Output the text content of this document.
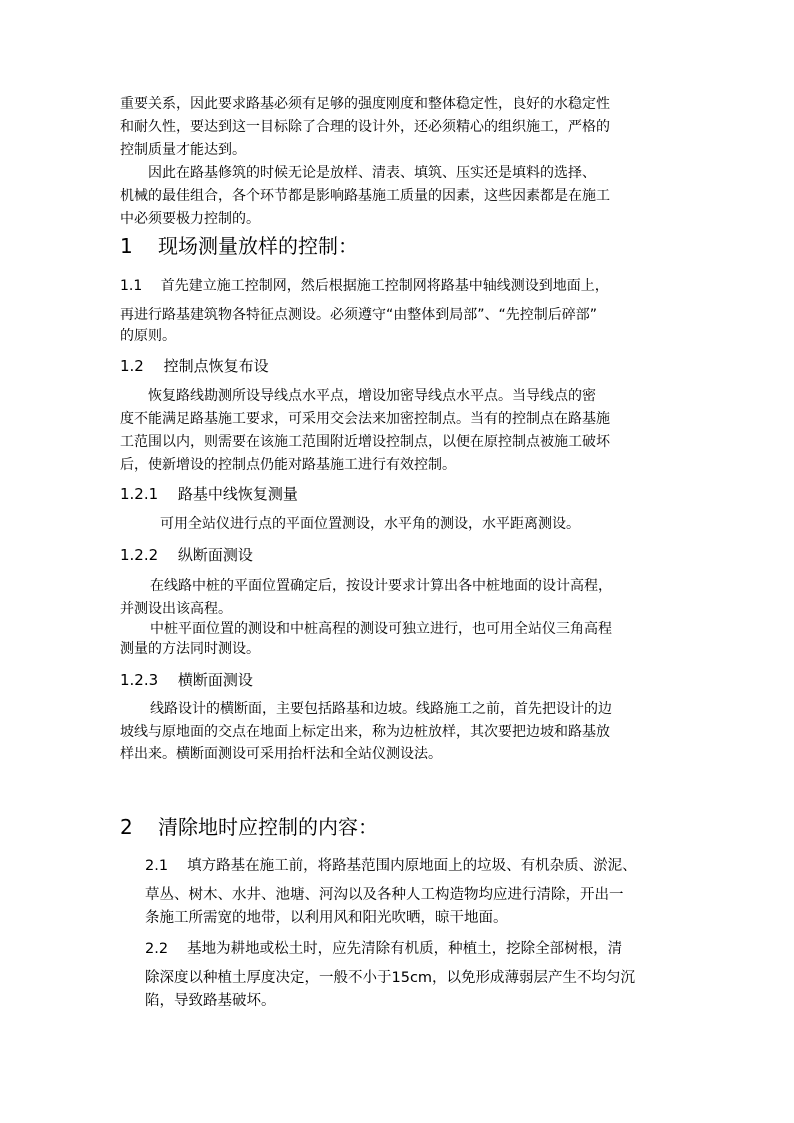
重要关系，因此要求路基必须有足够的强度刚度和整体稳定性，良好的水稳定性
和耐久性，要达到这一目标除了合理的设计外，还必须精心的组织施工，严格的
控制质量才能达到。
因此在路基修筑的时候无论是放样、清表、填筑、压实还是填料的选择、
机械的最佳组合，各个环节都是影响路基施工质量的因素，这些因素都是在施工
中必须要极力控制的。
1 现场测量放样的控制：
1.1　 首先建立施工控制网，然后根据施工控制网将路基中轴线测设到地面上，
再进行路基建筑物各特征点测设。必须遵守“由整体到局部”、“先控制后碎部”
的原则。
1.2　 控制点恢复布设
恢复路线勘测所设导线点水平点，增设加密导线点水平点。当导线点的密
度不能满足路基施工要求，可采用交会法来加密控制点。当有的控制点在路基施
工范围以内，则需要在该施工范围附近增设控制点，以便在原控制点被施工破坏
后，使新增设的控制点仍能对路基施工进行有效控制。
1.2.1　 路基中线恢复测量
可用全站仪进行点的平面位置测设，水平角的测设，水平距离测设。
1.2.2　 纵断面测设
在线路中桩的平面位置确定后，按设计要求计算出各中桩地面的设计高程，
并测设出该高程。
中桩平面位置的测设和中桩高程的测设可独立进行，也可用全站仪三角高程
测量的方法同时测设。
1.2.3　 横断面测设
线路设计的横断面，主要包括路基和边坡。线路施工之前，首先把设计的边
坡线与原地面的交点在地面上标定出来，称为边桩放样，其次要把边坡和路基放
样出来。横断面测设可采用抬杆法和全站仪测设法。
2 清除地时应控制的内容：
2.1　 填方路基在施工前，将路基范围内原地面上的垃圾、有机杂质、淤泥、
草丛、树木、水井、池塘、河沟以及各种人工构造物均应进行清除，开出一
条施工所需宽的地带，以利用风和阳光吹晒，晾干地面。
2.2　 基地为耕地或松土时，应先清除有机质，种植土，挖除全部树根，清
除深度以种植土厚度决定，一般不小于15cm，以免形成薄弱层产生不均匀沉
陷，导致路基破坏。
